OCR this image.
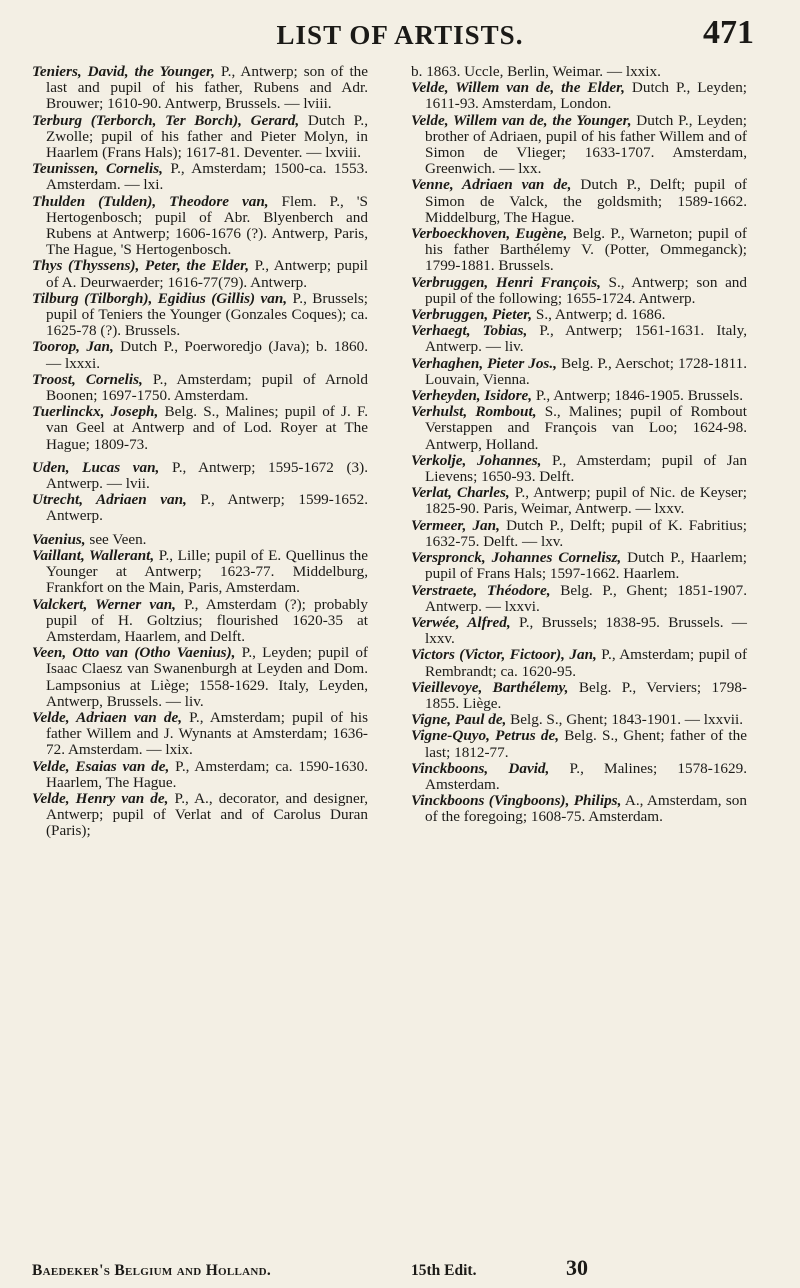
LIST OF ARTISTS.	471

Teniers, David, the Younger, P., Antwerp; son of the last and pupil of his father, Rubens and Adr. Brouwer; 1610-90. Antwerp, Brussels. — lviii.

Terburg (Terborch, Ter Borch), Gerard, Dutch P., Zwolle; pupil of his father and Pieter Molyn, in Haarlem (Frans Hals); 1617-81. Deventer. — lxviii.

Teunissen, Cornelis, P., Amsterdam; 1500-ca. 1553. Amsterdam. — lxi.

Thulden (Tulden), Theodore van, Flem. P., 'S Hertogenbosch; pupil of Abr. Blyenberch and Rubens at Antwerp; 1606-1676 (?). Antwerp, Paris, The Hague, 'S Hertogenbosch.

Thys (Thyssens), Peter, the Elder, P., Antwerp; pupil of A. Deurwaerder; 1616-77(79). Antwerp.

Tilburg (Tilborgh), Egidius (Gillis) van, P., Brussels; pupil of Teniers the Younger (Gonzales Coques); ca. 1625-78 (?). Brussels.

Toorop, Jan, Dutch P., Poerworedjo (Java); b. 1860. — lxxxi.

Troost, Cornelis, P., Amsterdam; pupil of Arnold Boonen; 1697-1750. Amsterdam.

Tuerlinckx, Joseph, Belg. S., Malines; pupil of J. F. van Geel at Antwerp and of Lod. Royer at The Hague; 1809-73.

Uden, Lucas van, P., Antwerp; 1595-1672 (3). Antwerp. — lvii.

Utrecht, Adriaen van, P., Antwerp; 1599-1652. Antwerp.

Vaenius, see Veen.

Vaillant, Wallerant, P., Lille; pupil of E. Quellinus the Younger at Antwerp; 1623-77. Middelburg, Frankfort on the Main, Paris, Amsterdam.

Valckert, Werner van, P., Amsterdam (?); probably pupil of H. Goltzius; flourished 1620-35 at Amsterdam, Haarlem, and Delft.

Veen, Otto van (Otho Vaenius), P., Leyden; pupil of Isaac Claesz van Swanenburgh at Leyden and Dom. Lampsonius at Liège; 1558-1629. Italy, Leyden, Antwerp, Brussels. — liv.

Velde, Adriaen van de, P., Amsterdam; pupil of his father Willem and J. Wynants at Amsterdam; 1636-72. Amsterdam. — lxix.

Velde, Esaias van de, P., Amsterdam; ca. 1590-1630. Haarlem, The Hague.

Velde, Henry van de, P., A., decorator, and designer, Antwerp; pupil of Verlat and of Carolus Duran (Paris);

b. 1863. Uccle, Berlin, Weimar. — lxxix.

Velde, Willem van de, the Elder, Dutch P., Leyden; 1611-93. Amsterdam, London.

Velde, Willem van de, the Younger, Dutch P., Leyden; brother of Adriaen, pupil of his father Willem and of Simon de Vlieger; 1633-1707. Amsterdam, Greenwich. — lxx.

Venne, Adriaen van de, Dutch P., Delft; pupil of Simon de Valck, the goldsmith; 1589-1662. Middelburg, The Hague.

Verboeckhoven, Eugène, Belg. P., Warneton; pupil of his father Barthélemy V. (Potter, Ommeganck); 1799-1881. Brussels.

Verbruggen, Henri François, S., Antwerp; son and pupil of the following; 1655-1724. Antwerp.

Verbruggen, Pieter, S., Antwerp; d. 1686.

Verhaegt, Tobias, P., Antwerp; 1561-1631. Italy, Antwerp. — liv.

Verhaghen, Pieter Jos., Belg. P., Aerschot; 1728-1811. Louvain, Vienna.

Verheyden, Isidore, P., Antwerp; 1846-1905. Brussels.

Verhulst, Rombout, S., Malines; pupil of Rombout Verstappen and François van Loo; 1624-98. Antwerp, Holland.

Verkolje, Johannes, P., Amsterdam; pupil of Jan Lievens; 1650-93. Delft.

Verlat, Charles, P., Antwerp; pupil of Nic. de Keyser; 1825-90. Paris, Weimar, Antwerp. — lxxv.

Vermeer, Jan, Dutch P., Delft; pupil of K. Fabritius; 1632-75. Delft. — lxv.

Verspronck, Johannes Cornelisz, Dutch P., Haarlem; pupil of Frans Hals; 1597-1662. Haarlem.

Verstraete, Théodore, Belg. P., Ghent; 1851-1907. Antwerp. — lxxvi.

Verwée, Alfred, P., Brussels; 1838-95. Brussels. — lxxv.

Victors (Victor, Fictoor), Jan, P., Amsterdam; pupil of Rembrandt; ca. 1620-95.

Vieillevoye, Barthélemy, Belg. P., Verviers; 1798-1855. Liège.

Vigne, Paul de, Belg. S., Ghent; 1843-1901. — lxxvii.

Vigne-Quyo, Petrus de, Belg. S., Ghent; father of the last; 1812-77.

Vinckboons, David, P., Malines; 1578-1629. Amsterdam.

Vinckboons (Vingboons), Philips, A., Amsterdam, son of the foregoing; 1608-75. Amsterdam.

Baedeker's Belgium and Holland.	15th Edit.	30
